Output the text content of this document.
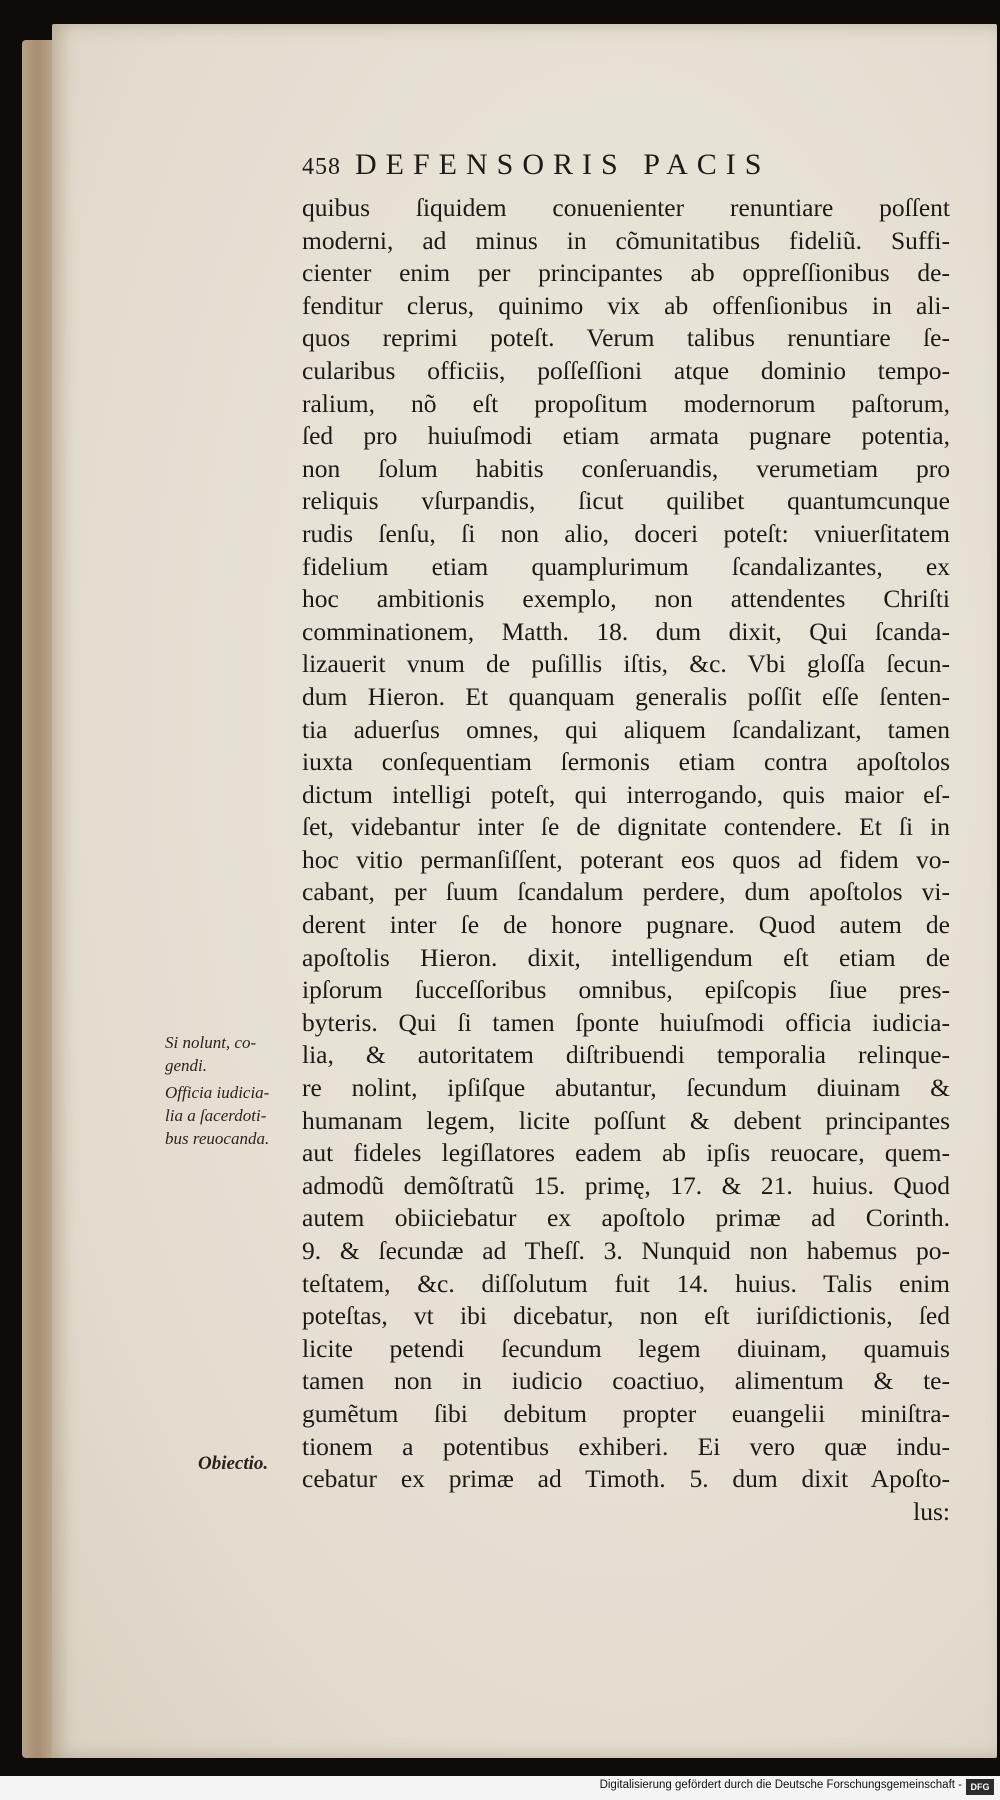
458 DEFENSORIS PACIS
quibus ſiquidem conuenienter renuntiare poſſent
moderni, ad minus in cõmunitatibus fideliũ. Suffi-
cienter enim per principantes ab oppreſſionibus de-
fenditur clerus, quinimo vix ab offenſionibus in ali-
quos reprimi poteſt. Verum talibus renuntiare ſe-
cularibus officiis, poſſeſſioni atque dominio tempo-
ralium, nõ eſt propoſitum modernorum paſtorum,
ſed pro huiuſmodi etiam armata pugnare potentia,
non ſolum habitis conſeruandis, verumetiam pro
reliquis vſurpandis, ſicut quilibet quantumcunque
rudis ſenſu, ſi non alio, doceri poteſt: vniuerſitatem
fidelium etiam quamplurimum ſcandalizantes, ex
hoc ambitionis exemplo, non attendentes Chriſti
comminationem, Matth. 18. dum dixit, Qui ſcanda-
lizauerit vnum de puſillis iſtis, &c. Vbi gloſſa ſecun-
dum Hieron. Et quanquam generalis poſſit eſſe ſenten-
tia aduerſus omnes, qui aliquem ſcandalizant, tamen
iuxta conſequentiam ſermonis etiam contra apoſtolos
dictum intelligi poteſt, qui interrogando, quis maior eſ-
ſet, videbantur inter ſe de dignitate contendere. Et ſi in
hoc vitio permanſiſſent, poterant eos quos ad fidem vo-
cabant, per ſuum ſcandalum perdere, dum apoſtolos vi-
derent inter ſe de honore pugnare. Quod autem de
apoſtolis Hieron. dixit, intelligendum eſt etiam de
ipſorum ſucceſſoribus omnibus, epiſcopis ſiue pres-
byteris. Qui ſi tamen ſponte huiuſmodi officia iudicia-
lia, & autoritatem diſtribuendi temporalia relinque-
re nolint, ipſiſque abutantur, ſecundum diuinam &
humanam legem, licite poſſunt & debent principantes
aut fideles legiſlatores eadem ab ipſis reuocare, quem-
admodũ demõſtratũ 15. primę, 17. & 21. huius. Quod
autem obiiciebatur ex apoſtolo primæ ad Corinth.
9. & ſecundæ ad Theſſ. 3. Nunquid non habemus po-
teſtatem, &c. diſſolutum fuit 14. huius. Talis enim
poteſtas, vt ibi dicebatur, non eſt iuriſdictionis, ſed
licite petendi ſecundum legem diuinam, quamuis
tamen non in iudicio coactiuo, alimentum & te-
gumẽtum ſibi debitum propter euangelii miniſtra-
tionem a potentibus exhiberi. Ei vero quæ indu-
cebatur ex primæ ad Timoth. 5. dum dixit Apoſto-
lus:
Si nolunt, co-
gendi.
Officia iudicia-
lia a ſacerdoti-
bus reuocanda.
Obiectio.
Digitalisierung gefördert durch die Deutsche Forschungsgemeinschaft - DFG
